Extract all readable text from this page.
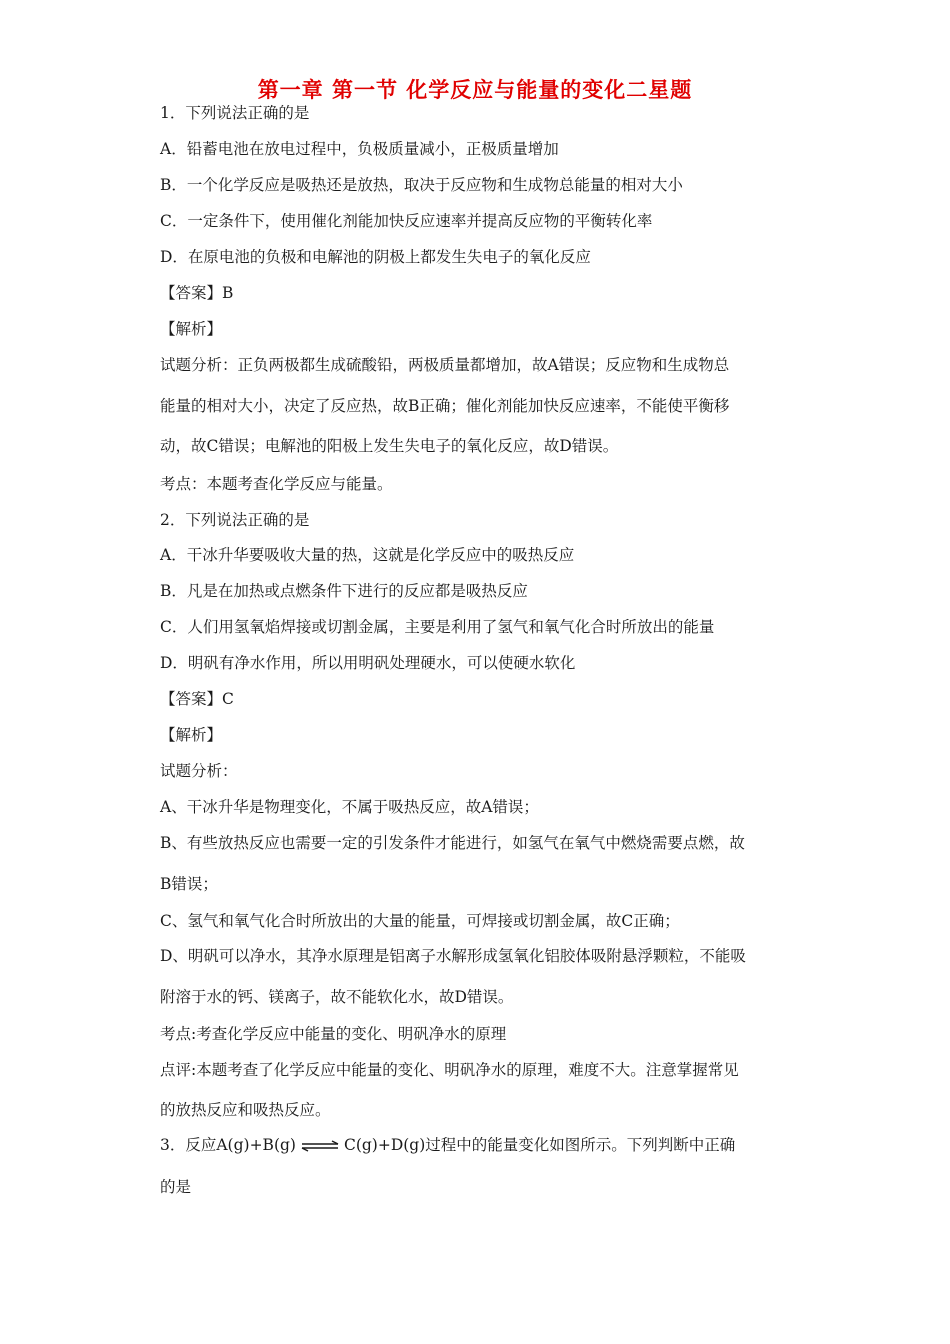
第一章 第一节 化学反应与能量的变化二星题
1．下列说法正确的是
A．铅蓄电池在放电过程中，负极质量减小，正极质量增加
B．一个化学反应是吸热还是放热，取决于反应物和生成物总能量的相对大小
C．一定条件下，使用催化剂能加快反应速率并提高反应物的平衡转化率
D．在原电池的负极和电解池的阴极上都发生失电子的氧化反应
【答案】B
【解析】
试题分析：正负两极都生成硫酸铅，两极质量都增加，故A错误；反应物和生成物总
能量的相对大小，决定了反应热，故B正确；催化剂能加快反应速率，不能使平衡移
动，故C错误；电解池的阳极上发生失电子的氧化反应，故D错误。
考点：本题考查化学反应与能量。
2．下列说法正确的是
A．干冰升华要吸收大量的热，这就是化学反应中的吸热反应
B．凡是在加热或点燃条件下进行的反应都是吸热反应
C．人们用氢氧焰焊接或切割金属，主要是利用了氢气和氧气化合时所放出的能量
D．明矾有净水作用，所以用明矾处理硬水，可以使硬水软化
【答案】C
【解析】
试题分析：
A、干冰升华是物理变化，不属于吸热反应，故A错误；
B、有些放热反应也需要一定的引发条件才能进行，如氢气在氧气中燃烧需要点燃，故
B错误；
C、氢气和氧气化合时所放出的大量的能量，可焊接或切割金属，故C正确；
D、明矾可以净水，其净水原理是铝离子水解形成氢氧化铝胶体吸附悬浮颗粒，不能吸
附溶于水的钙、镁离子，故不能软化水，故D错误。
考点:考查化学反应中能量的变化、明矾净水的原理
点评:本题考查了化学反应中能量的变化、明矾净水的原理，难度不大。注意掌握常见
的放热反应和吸热反应。
3．反应A(g)+B(g) ⇌ C(g)+D(g)过程中的能量变化如图所示。下列判断中正确
的是
